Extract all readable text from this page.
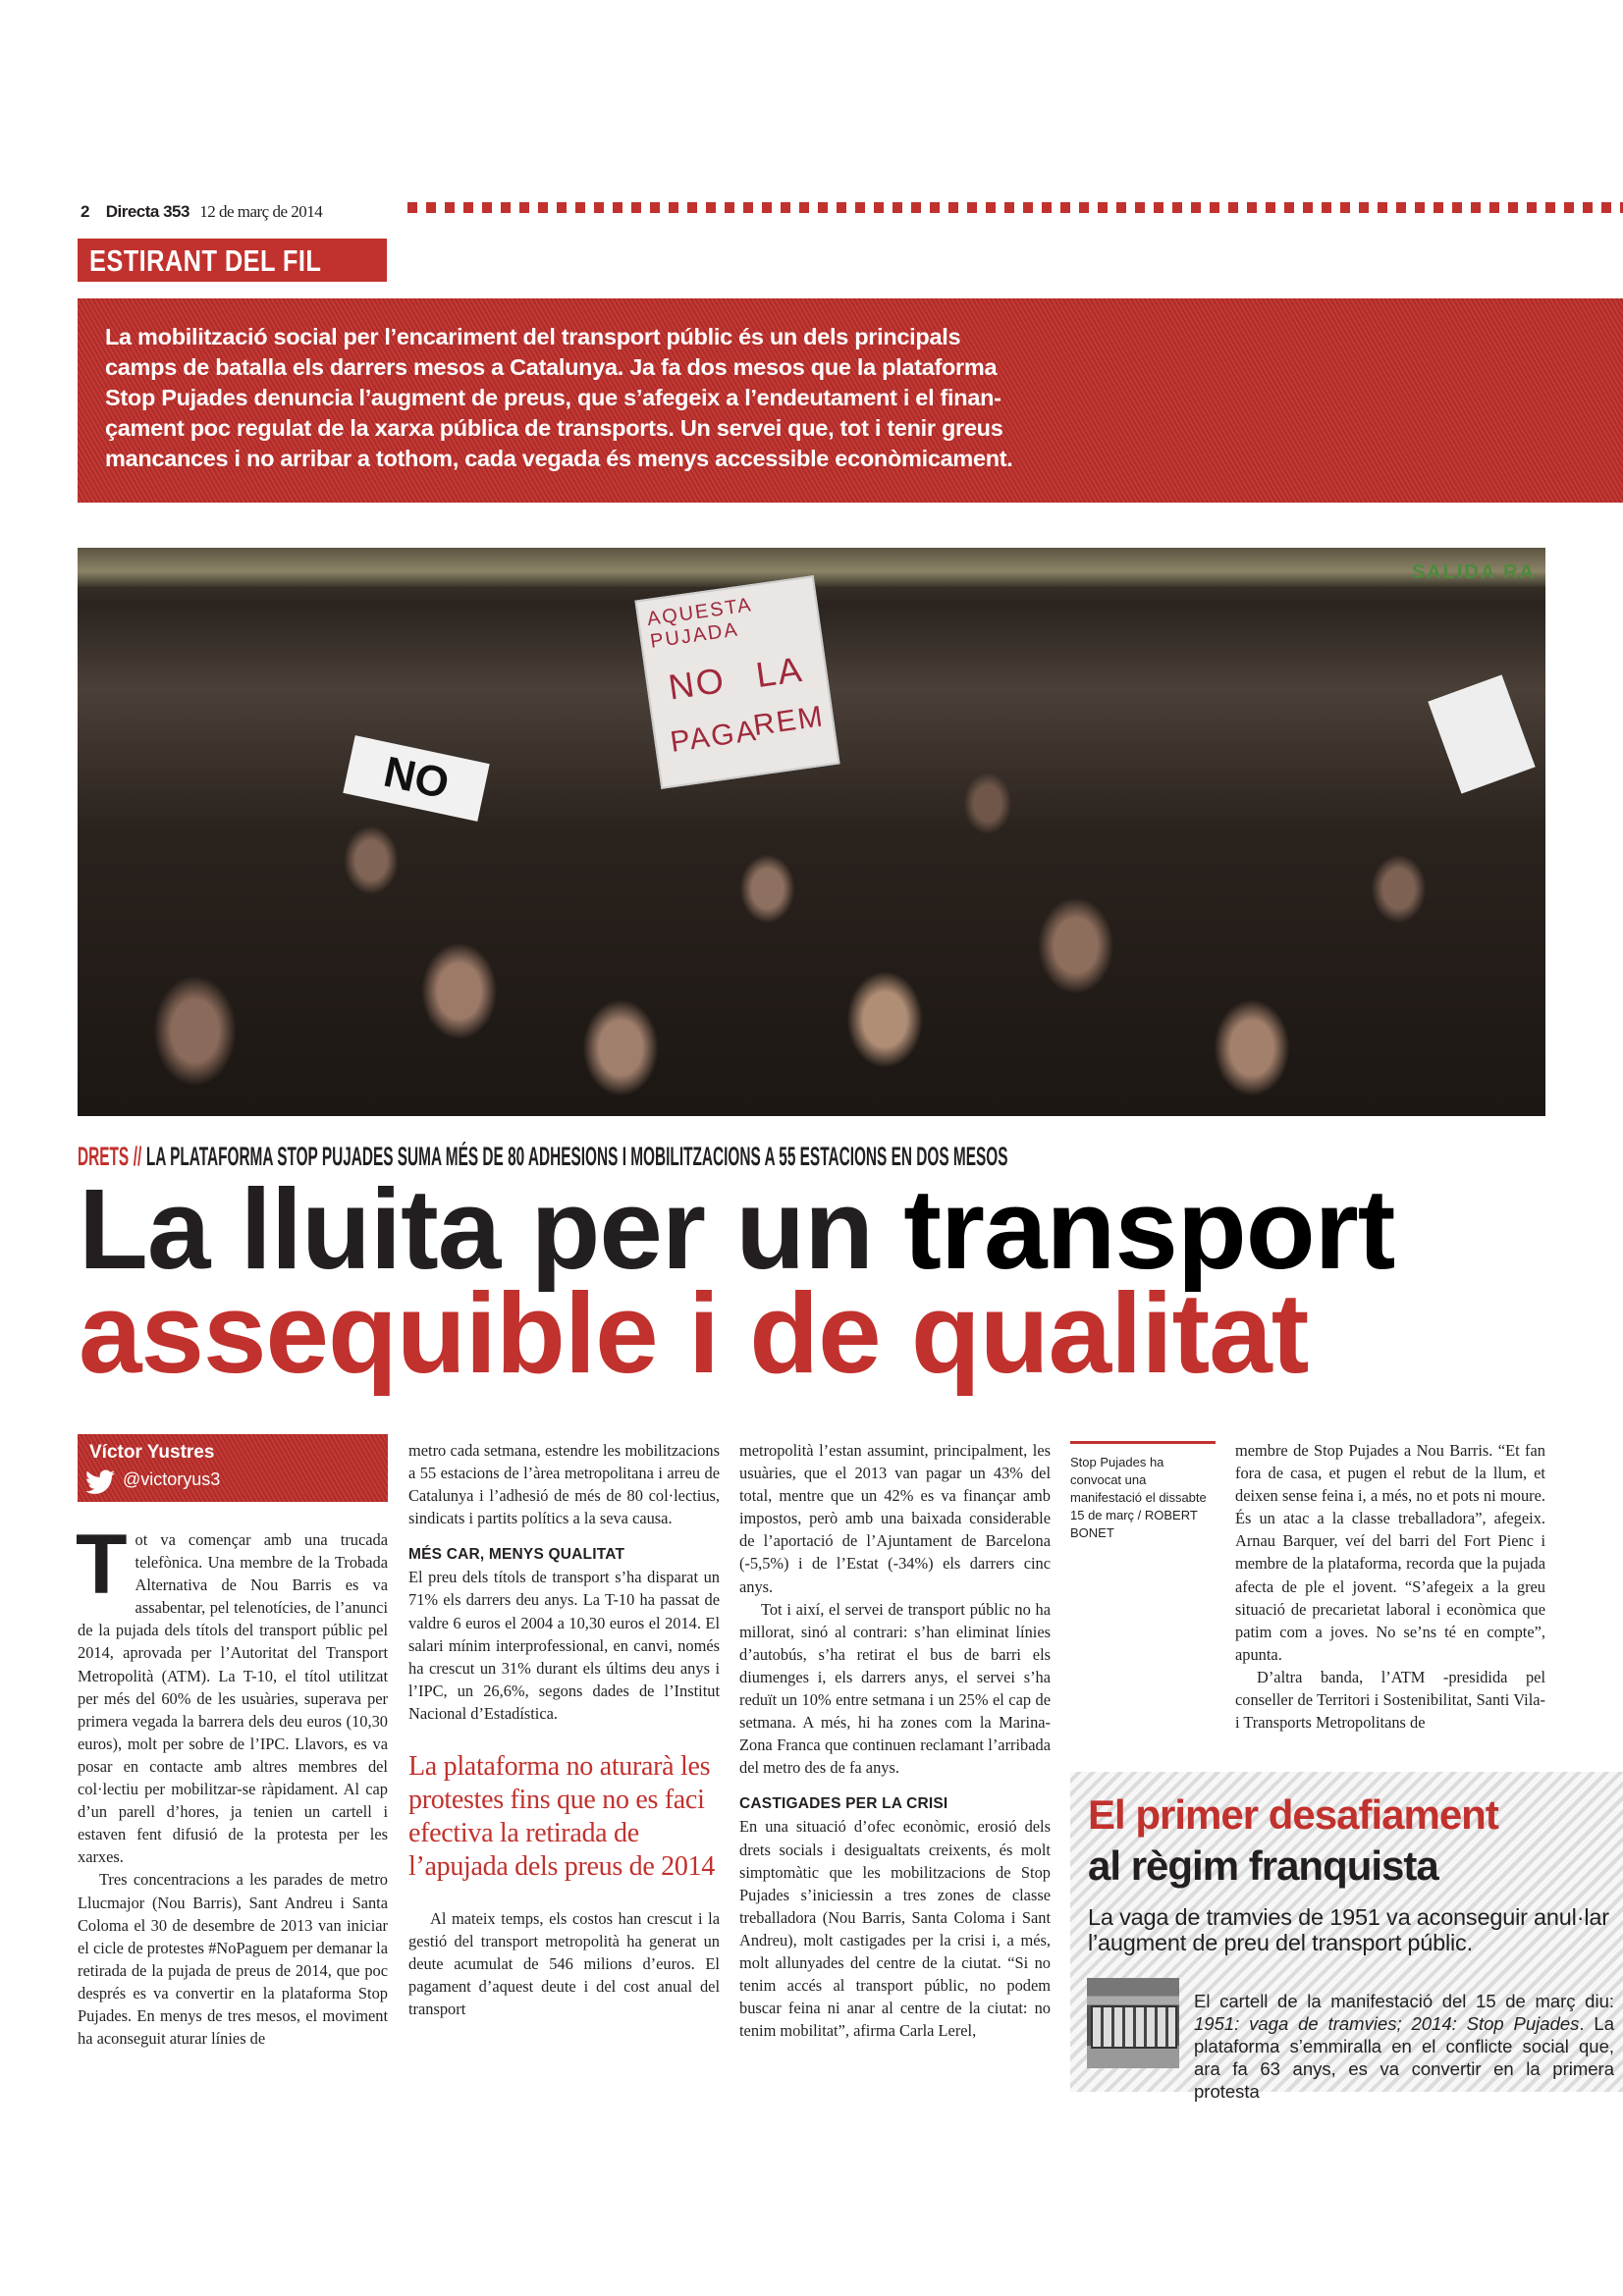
2 Directa 353 12 de març de 2014
ESTIRANT DEL FIL
La mobilització social per l’encariment del transport públic és un dels principals
camps de batalla els darrers mesos a Catalunya. Ja fa dos mesos que la plataforma
Stop Pujades denuncia l’augment de preus, que s’afegeix a l’endeutament i el finan-
çament poc regulat de la xarxa pública de transports. Un servei que, tot i tenir greus
mancances i no arribar a tothom, cada vegada és menys accessible econòmicament.
SALIDA RA
AQUESTA PUJADA
NO LA
PAGA
REM
NO
DRETS // LA PLATAFORMA STOP PUJADES SUMA MÉS DE 80 ADHESIONS I MOBILITZACIONS A 55 ESTACIONS EN DOS MESOS
La lluita per un transport
assequible i de qualitat
Víctor Yustres
@victoryus3
T ot va començar amb una trucada telefònica. Una membre de la Trobada Alternativa de Nou Barris es va assabentar, pel telenotícies, de l’anunci de la pujada dels títols del transport públic pel 2014, aprovada per l’Autoritat del Transport Metropolità (ATM). La T-10, el títol utilitzat per més del 60% de les usuàries, superava per primera vegada la barrera dels deu euros (10,30 euros), molt per sobre de l’IPC. Llavors, es va posar en contacte amb altres membres del col·lectiu per mobilitzar-se ràpidament. Al cap d’un parell d’hores, ja tenien un cartell i estaven fent difusió de la protesta per les xarxes.

Tres concentracions a les parades de metro Llucmajor (Nou Barris), Sant Andreu i Santa Coloma el 30 de desembre de 2013 van iniciar el cicle de protestes #NoPaguem per demanar la retirada de la pujada de preus de 2014, que poc després es va convertir en la plataforma Stop Pujades. En menys de tres mesos, el moviment ha aconseguit aturar línies de

metro cada setmana, estendre les mobilitzacions a 55 estacions de l’àrea metropolitana i arreu de Catalunya i l’adhesió de més de 80 col·lectius, sindicats i partits polítics a la seva causa.

MÉS CAR, MENYS QUALITAT

El preu dels títols de transport s’ha disparat un 71% els darrers deu anys. La T-10 ha passat de valdre 6 euros el 2004 a 10,30 euros el 2014. El salari mínim interprofessional, en canvi, només ha crescut un 31% durant els últims deu anys i l’IPC, un 26,6%, segons dades de l’Institut Nacional d’Estadística.

La plataforma no aturarà les protestes fins que no es faci efectiva la retirada de l’apujada dels preus de 2014

Al mateix temps, els costos han crescut i la gestió del transport metropolità ha generat un deute acumulat de 546 milions d’euros. El pagament d’aquest deute i del cost anual del transport

metropolità l’estan assumint, principalment, les usuàries, que el 2013 van pagar un 43% del total, mentre que un 42% es va finançar amb impostos, però amb una baixada considerable de l’aportació de l’Ajuntament de Barcelona (-5,5%) i de l’Estat (-34%) els darrers cinc anys.

Tot i així, el servei de transport públic no ha millorat, sinó al contrari: s’han eliminat línies d’autobús, s’ha retirat el bus de barri els diumenges i, els darrers anys, el servei s’ha reduït un 10% entre setmana i un 25% el cap de setmana. A més, hi ha zones com la Marina-Zona Franca que continuen reclamant l’arribada del metro des de fa anys.

CASTIGADES PER LA CRISI

En una situació d’ofec econòmic, erosió dels drets socials i desigualtats creixents, és molt simptomàtic que les mobilitzacions de Stop Pujades s’iniciessin a tres zones de classe treballadora (Nou Barris, Santa Coloma i Sant Andreu), molt castigades per la crisi i, a més, molt allunyades del centre de la ciutat. “Si no tenim accés al transport públic, no podem buscar feina ni anar al centre de la ciutat: no tenim mobilitat”, afirma Carla Lerel,

Stop Pujades ha convocat una manifestació el dissabte 15 de març / ROBERT BONET

membre de Stop Pujades a Nou Barris. “Et fan fora de casa, et pugen el rebut de la llum, et deixen sense feina i, a més, no et pots ni moure. És un atac a la classe treballadora”, afegeix. Arnau Barquer, veí del barri del Fort Pienc i membre de la plataforma, recorda que la pujada afecta de ple el jovent. “S’afegeix a la greu situació de precarietat laboral i econòmica que patim com a joves. No se’ns té en compte”, apunta.

D’altra banda, l’ATM -presidida pel conseller de Territori i Sostenibilitat, Santi Vila- i Transports Metropolitans de

El primer desafiament
al règim franquista
La vaga de tramvies de 1951 va aconseguir anul·lar l’augment de preu del transport públic.
El cartell de la manifestació del 15 de març diu: 1951: vaga de tramvies; 2014: Stop Pujades. La plataforma s’emmiralla en el conflicte social que, ara fa 63 anys, es va convertir en la primera protesta
